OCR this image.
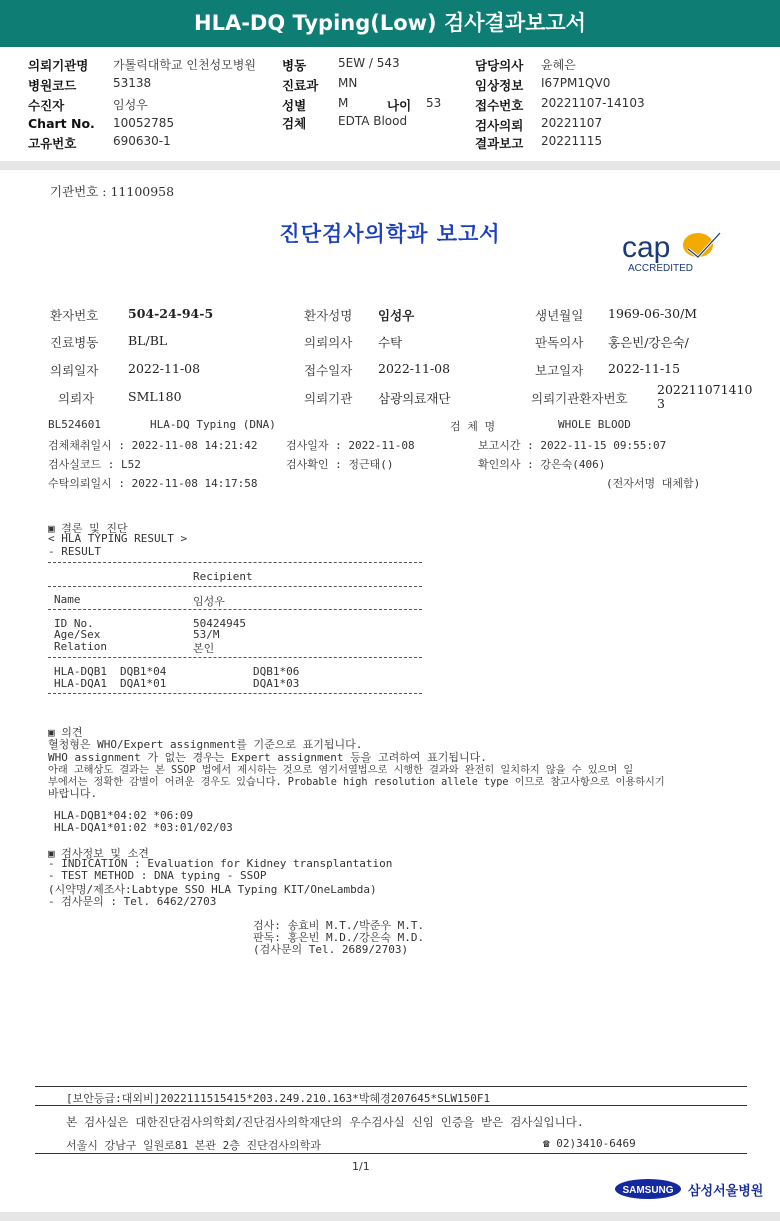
HLA-DQ Typing(Low) 검사결과보고서
의뢰기관명 가톨릭대학교 인천성모병원
병원코드	53138
수진자	임성우
Chart No. 10052785
고유번호	690630-1
병동	5EW / 543
진료과 MN
성별	M	나이 53
검체	EDTA Blood
담당의사 윤혜은
임상정보 I67PM1QV0
접수번호 20221107-14103
검사의뢰 20221107
결과보고 20221115
기관번호 : 11100958
진단검사의학과 보고서	cap
ACCREDITED
환자번호 504-24-94-5	환자성명 임성우	생년월일 1969-06-30/M
진료병동 BL/BL	의뢰의사 수탁	판독의사 홍은빈/강은숙/
의뢰일자 2022-11-08	접수일자 2022-11-08	보고일자 2022-11-15
의뢰자	SML180	의뢰기관 삼광의료재단	의뢰기관환자번호
202211071410
3
BL524601	HLA-DQ Typing (DNA)	검 체 명	WHOLE BLOOD
검체채취일시 : 2022-11-08 14:21:42	검사일자 : 2022-11-08	보고시간 : 2022-11-15 09:55:07
검사실코드 : L52	검사확인 : 정근태()	확인의사 : 강은숙(406)
수탁의뢰일시 : 2022-11-08 14:17:58	(전자서명 대체함)
▣ 결론 및 진단
< HLA TYPING RESULT >
- RESULT
Recipient
Name	임성우
ID No.	50424945
Age/Sex	53/M
Relation	본인
HLA-DQB1 DQB1*04	DQB1*06
HLA-DQA1 DQA1*01	DQA1*03
▣ 의견
혈청형은 WHO/Expert assignment를 기준으로 표기됩니다.
WHO assignment 가 없는 경우는 Expert assignment 등을 고려하여 표기됩니다.
아래 고해상도 결과는 본 SSOP 법에서 제시하는 것으로 염기서열법으로 시행한 결과와 완전히 일치하지 않을 수 있으며 일
부에서는 정확한 감별이 어려운 경우도 있습니다. Probable high resolution allele type 이므로 참고사항으로 이용하시기
바랍니다.
HLA-DQB1*04:02 *06:09
HLA-DQA1*01:02 *03:01/02/03
▣ 검사정보 및 소견
- INDICATION : Evaluation for Kidney transplantation
- TEST METHOD : DNA typing - SSOP
(시약명/제조사:Labtype SSO HLA Typing KIT/OneLambda)
- 검사문의 : Tel. 6462/2703
검사: 송효비 M.T./박준우 M.T.
판독: 홍은빈 M.D./강은숙 M.D.
(검사문의 Tel. 2689/2703)
[보안등급:대외비]2022111515415*203.249.210.163*박혜경207645*SLW150F1
본 검사실은 대한진단검사의학회/진단검사의학재단의 우수검사실 신임 인증을 받은 검사실입니다.
서울시 강남구 일원로81 본관 2층 진단검사의학과	☎ 02)3410-6469
1/1
SAMSUNG 삼성서울병원
